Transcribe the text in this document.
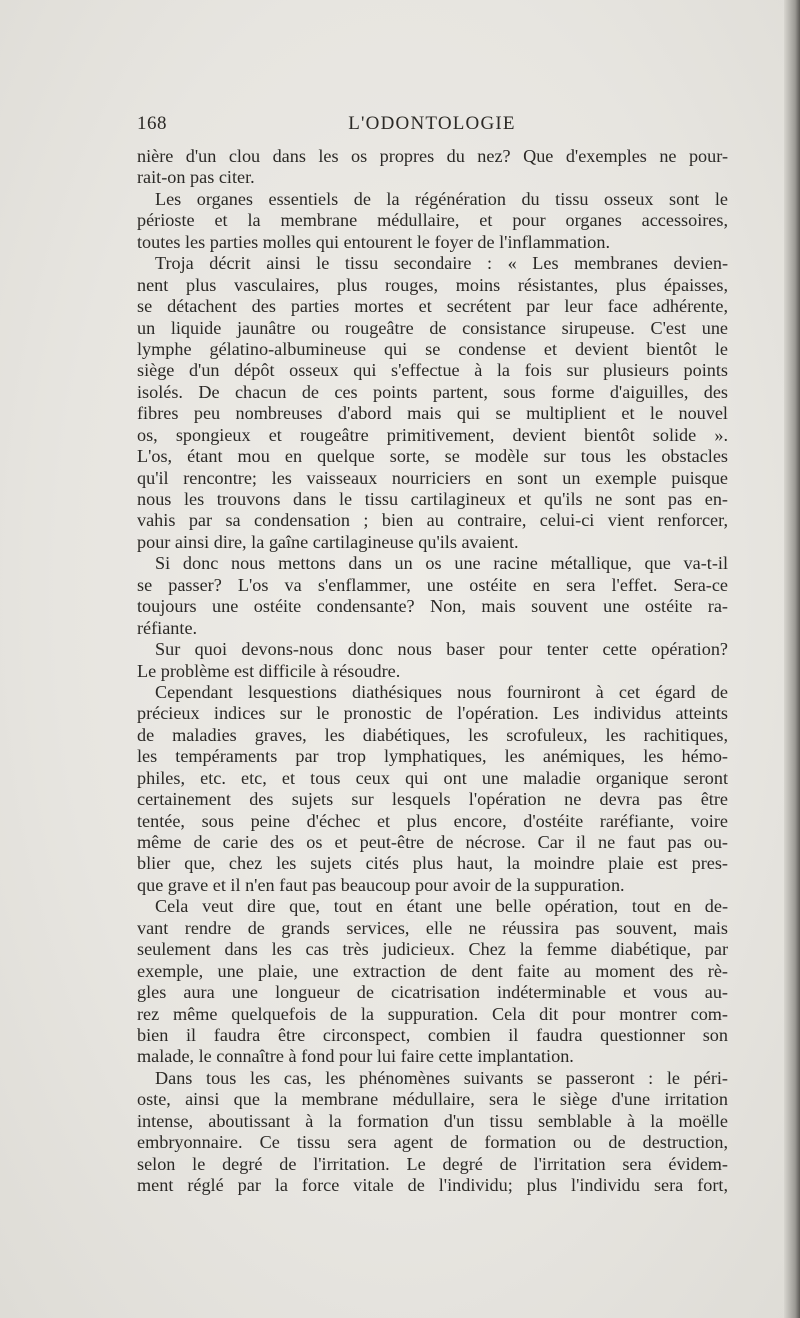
168	L'ODONTOLOGIE
nière d'un clou dans les os propres du nez? Que d'exemples ne pour-
rait-on pas citer.
Les organes essentiels de la régénération du tissu osseux sont le
périoste et la membrane médullaire, et pour organes accessoires,
toutes les parties molles qui entourent le foyer de l'inflammation.
Troja décrit ainsi le tissu secondaire : « Les membranes devien-
nent plus vasculaires, plus rouges, moins résistantes, plus épaisses,
se détachent des parties mortes et secrétent par leur face adhérente,
un liquide jaunâtre ou rougeâtre de consistance sirupeuse. C'est une
lymphe gélatino-albumineuse qui se condense et devient bientôt le
siège d'un dépôt osseux qui s'effectue à la fois sur plusieurs points
isolés. De chacun de ces points partent, sous forme d'aiguilles, des
fibres peu nombreuses d'abord mais qui se multiplient et le nouvel
os, spongieux et rougeâtre primitivement, devient bientôt solide ».
L'os, étant mou en quelque sorte, se modèle sur tous les obstacles
qu'il rencontre; les vaisseaux nourriciers en sont un exemple puisque
nous les trouvons dans le tissu cartilagineux et qu'ils ne sont pas en-
vahis par sa condensation ; bien au contraire, celui-ci vient renforcer,
pour ainsi dire, la gaîne cartilagineuse qu'ils avaient.
Si donc nous mettons dans un os une racine métallique, que va-t-il
se passer? L'os va s'enflammer, une ostéite en sera l'effet. Sera-ce
toujours une ostéite condensante? Non, mais souvent une ostéite ra-
réfiante.
Sur quoi devons-nous donc nous baser pour tenter cette opération?
Le problème est difficile à résoudre.
Cependant lesquestions diathésiques nous fourniront à cet égard de
précieux indices sur le pronostic de l'opération. Les individus atteints
de maladies graves, les diabétiques, les scrofuleux, les rachitiques,
les tempéraments par trop lymphatiques, les anémiques, les hémo-
philes, etc. etc, et tous ceux qui ont une maladie organique seront
certainement des sujets sur lesquels l'opération ne devra pas être
tentée, sous peine d'échec et plus encore, d'ostéite raréfiante, voire
même de carie des os et peut-être de nécrose. Car il ne faut pas ou-
blier que, chez les sujets cités plus haut, la moindre plaie est pres-
que grave et il n'en faut pas beaucoup pour avoir de la suppuration.
Cela veut dire que, tout en étant une belle opération, tout en de-
vant rendre de grands services, elle ne réussira pas souvent, mais
seulement dans les cas très judicieux. Chez la femme diabétique, par
exemple, une plaie, une extraction de dent faite au moment des rè-
gles aura une longueur de cicatrisation indéterminable et vous au-
rez même quelquefois de la suppuration. Cela dit pour montrer com-
bien il faudra être circonspect, combien il faudra questionner son
malade, le connaître à fond pour lui faire cette implantation.
Dans tous les cas, les phénomènes suivants se passeront : le péri-
oste, ainsi que la membrane médullaire, sera le siège d'une irritation
intense, aboutissant à la formation d'un tissu semblable à la moëlle
embryonnaire. Ce tissu sera agent de formation ou de destruction,
selon le degré de l'irritation. Le degré de l'irritation sera évidem-
ment réglé par la force vitale de l'individu; plus l'individu sera fort,
